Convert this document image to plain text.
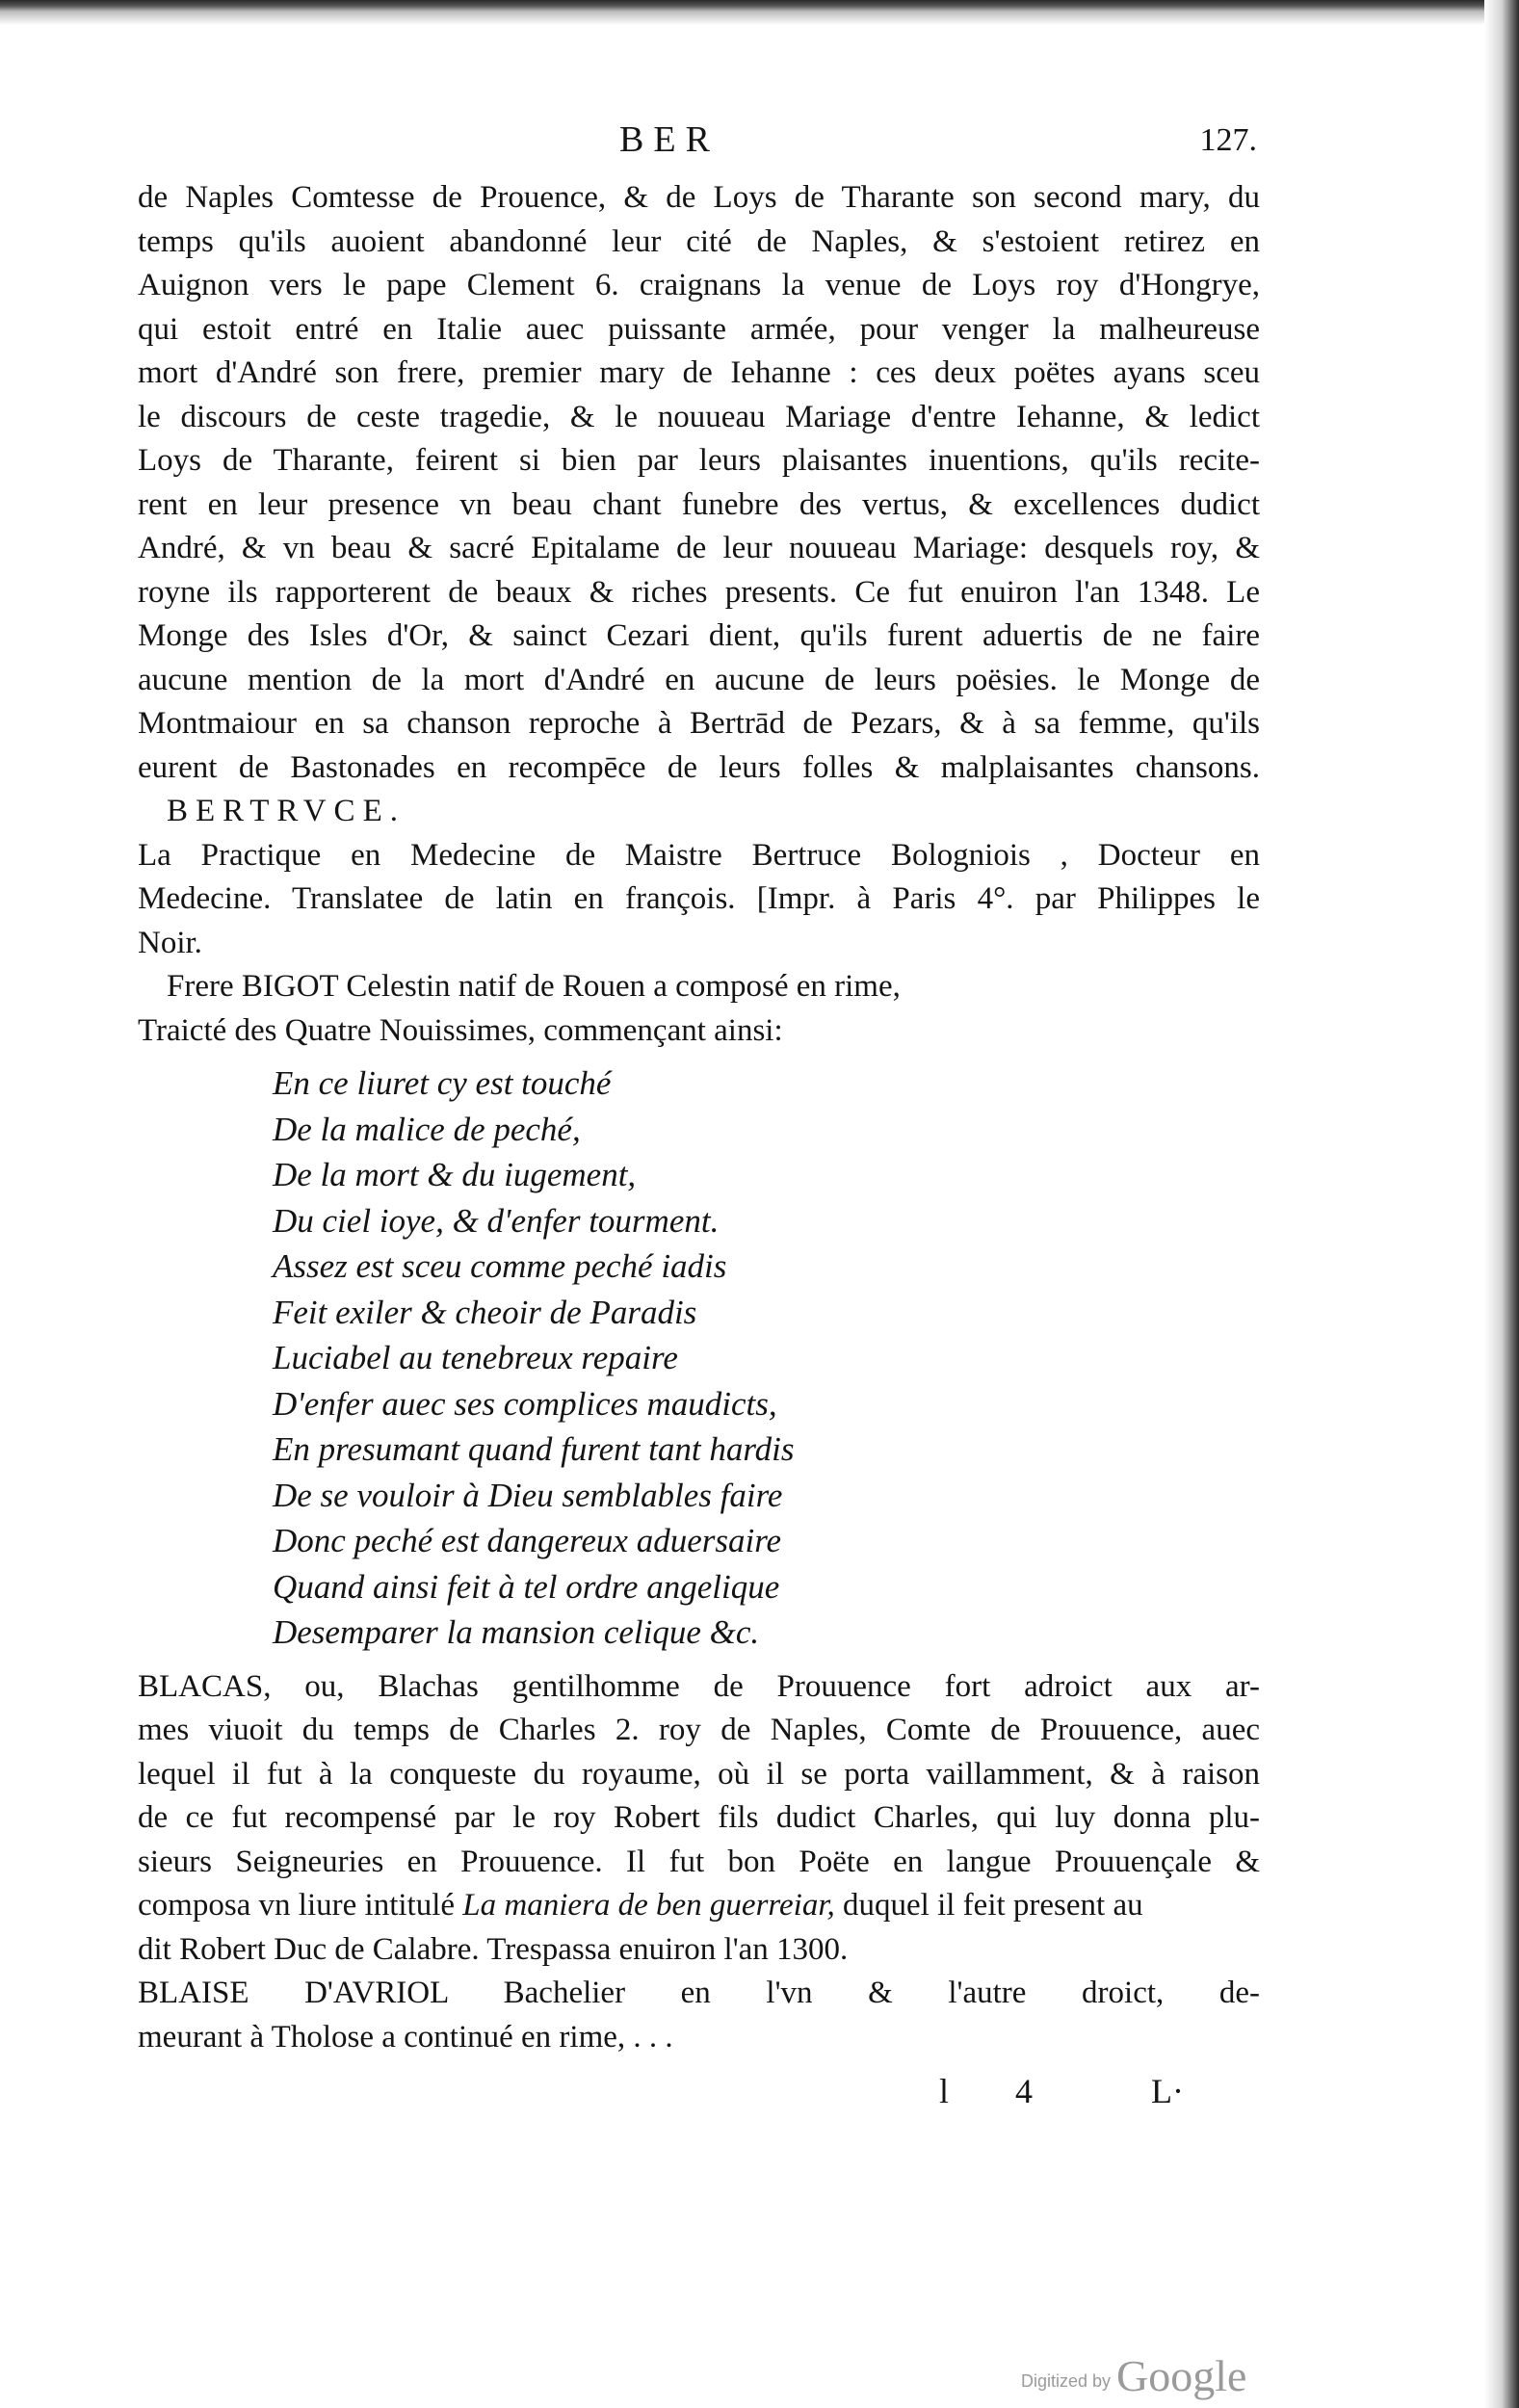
BER	127.
de Naples Comtesse de Prouence, & de Loys de Tharante son second mary, du
temps qu'ils auoient abandonné leur cité de Naples, & s'estoient retirez en
Auignon vers le pape Clement 6. craignans la venue de Loys roy d'Hongrye,
qui estoit entré en Italie auec puissante armée, pour venger la malheureuse
mort d'André son frere, premier mary de Iehanne : ces deux poëtes ayans sceu
le discours de ceste tragedie, & le nouueau Mariage d'entre Iehanne, & ledict
Loys de Tharante, feirent si bien par leurs plaisantes inuentions, qu'ils recite-
rent en leur presence vn beau chant funebre des vertus, & excellences dudict
André, & vn beau & sacré Epitalame de leur nouueau Mariage: desquels roy, &
royne ils rapporterent de beaux & riches presents. Ce fut enuiron l'an 1348. Le
Monge des Isles d'Or, & sainct Cezari dient, qu'ils furent aduertis de ne faire
aucune mention de la mort d'André en aucune de leurs poësies. le Monge de
Montmaiour en sa chanson reproche à Bertrād de Pezars, & à sa femme, qu'ils
eurent de Bastonades en recompēce de leurs folles & malplaisantes chansons.
BERTRVCE.
La Practique en Medecine de Maistre Bertruce Bologniois , Docteur en
Medecine. Translatee de latin en françois. [Impr. à Paris 4°. par Philippes le
Noir.
Frere BIGOT Celestin natif de Rouen a composé en rime,
Traicté des Quatre Nouissimes, commençant ainsi:
En ce liuret cy est touché
De la malice de peché,
De la mort & du iugement,
Du ciel ioye, & d'enfer tourment.
Assez est sceu comme peché iadis
Feit exiler & cheoir de Paradis
Luciabel au tenebreux repaire
D'enfer auec ses complices maudicts,
En presumant quand furent tant hardis
De se vouloir à Dieu semblables faire
Donc peché est dangereux aduersaire
Quand ainsi feit à tel ordre angelique
Desemparer la mansion celique &c.
BLACAS, ou, Blachas gentilhomme de Prouuence fort adroict aux ar-
mes viuoit du temps de Charles 2. roy de Naples, Comte de Prouuence, auec
lequel il fut à la conqueste du royaume, où il se porta vaillamment, & à raison
de ce fut recompensé par le roy Robert fils dudict Charles, qui luy donna plu-
sieurs Seigneuries en Prouuence. Il fut bon Poëte en langue Prouuençale &
composa vn liure intitulé La maniera de ben guerreiar, duquel il feit present au
dit Robert Duc de Calabre. Trespassa enuiron l'an 1300.
BLAISE D'AVRIOL Bachelier en l'vn & l'autre droict, de-
meurant à Tholose a continué en rime, . . .
l 4	L·
Digitized by Google
